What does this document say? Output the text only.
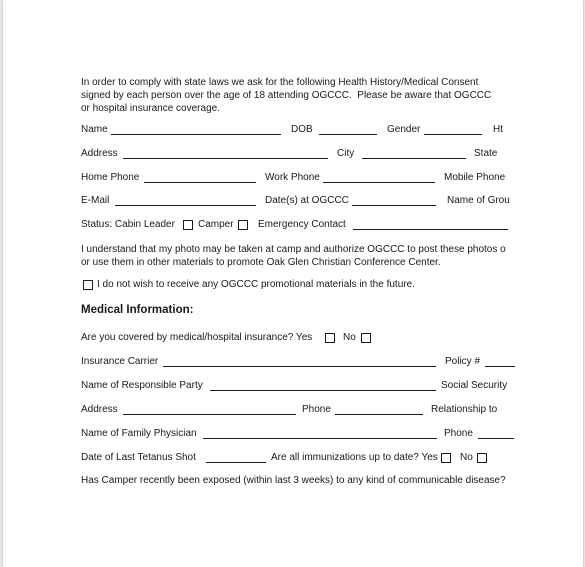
In order to comply with state laws we ask for the following Health History/Medical Consent
signed by each person over the age of 18 attending OGCCC.  Please be aware that OGCCC
or hospital insurance coverage.
Name	DOB	Gender	Ht
Address	City	State
Home Phone	Work Phone	Mobile Phone
E-Mail	Date(s) at OGCCC	Name of Grou
Status: Cabin Leader Camper Emergency Contact
I understand that my photo may be taken at camp and authorize OGCCC to post these photos o
or use them in other materials to promote Oak Glen Christian Conference Center.
I do not wish to receive any OGCCC promotional materials in the future.
Medical Information:
Are you covered by medical/hospital insurance? Yes	No
Insurance Carrier	Policy #
Name of Responsible Party	Social Security
Address	Phone	Relationship to
Name of Family Physician	Phone
Date of Last Tetanus Shot	Are all immunizations up to date? Yes No
Has Camper recently been exposed (within last 3 weeks) to any kind of communicable disease?
